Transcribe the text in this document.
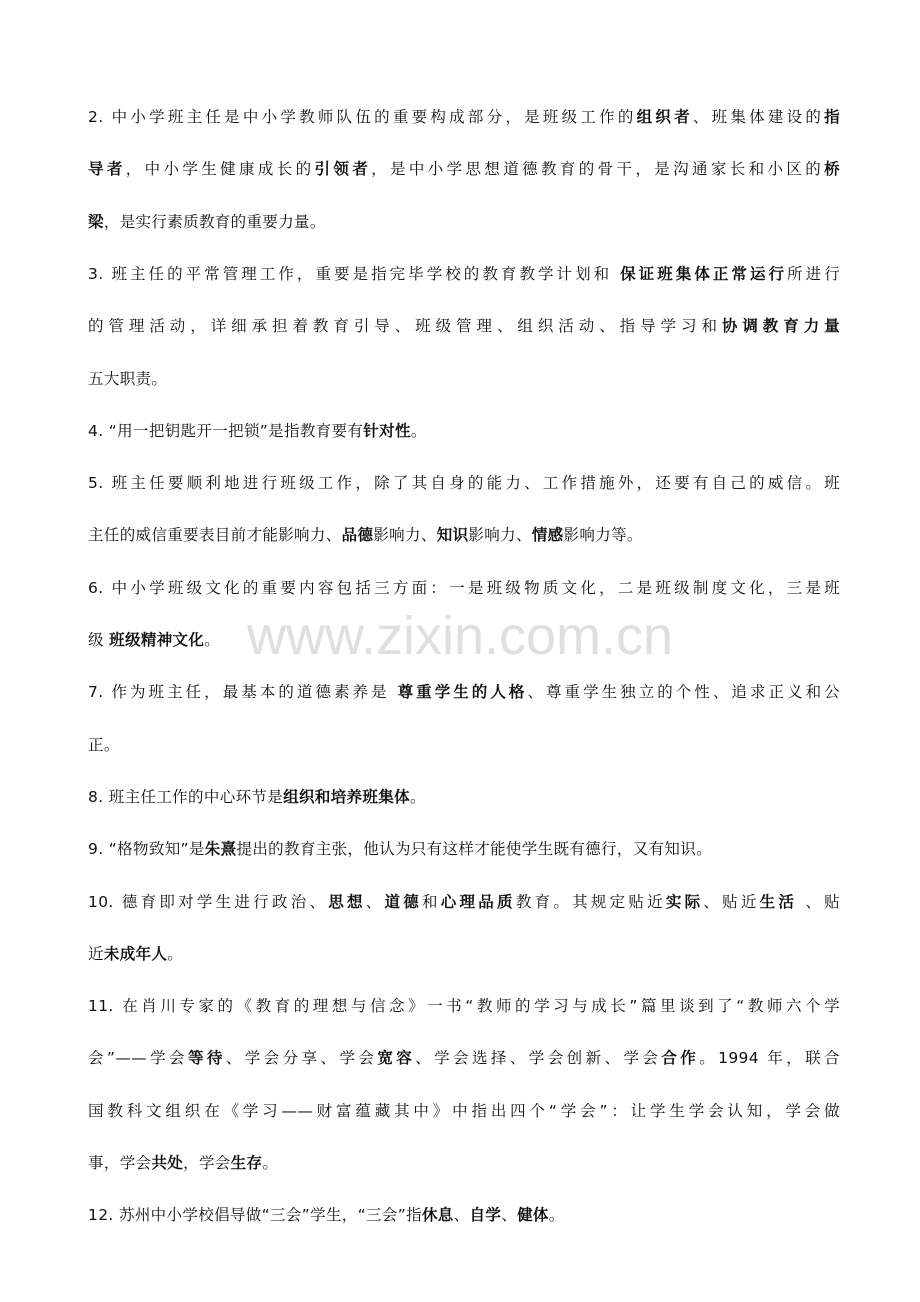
www.zixin.com.cn
2. 中小学班主任是中小学教师队伍的重要构成部分，是班级工作的组织者、班集体建设的指
导者，中小学生健康成长的引领者，是中小学思想道德教育的骨干，是沟通家长和小区的桥
梁，是实行素质教育的重要力量。
3. 班主任的平常管理工作，重要是指完毕学校的教育教学计划和 保证班集体正常运行所进行
的管理活动，详细承担着教育引导、班级管理、组织活动、指导学习和协调教育力量
五大职责。
4. “用一把钥匙开一把锁”是指教育要有针对性。
5. 班主任要顺利地进行班级工作，除了其自身的能力、工作措施外，还要有自己的威信。班
主任的威信重要表目前才能影响力、品德影响力、知识影响力、情感影响力等。
6. 中小学班级文化的重要内容包括三方面：一是班级物质文化，二是班级制度文化，三是班
级 班级精神文化。
7. 作为班主任，最基本的道德素养是 尊重学生的人格、尊重学生独立的个性、追求正义和公
正。
8. 班主任工作的中心环节是组织和培养班集体。
9. “格物致知”是朱熹提出的教育主张，他认为只有这样才能使学生既有德行，又有知识。
10. 德育即对学生进行政治、思想、道德和心理品质教育。其规定贴近实际、贴近生活 、贴
近未成年人。
11. 在肖川专家的《教育的理想与信念》一书“教师的学习与成长”篇里谈到了“教师六个学
会”——学会等待、学会分享、学会宽容、学会选择、学会创新、学会合作。1994 年，联合
国教科文组织在《学习——财富蕴藏其中》中指出四个“学会”：让学生学会认知，学会做
事，学会共处，学会生存。
12. 苏州中小学校倡导做“三会”学生，“三会”指休息、自学、健体。
